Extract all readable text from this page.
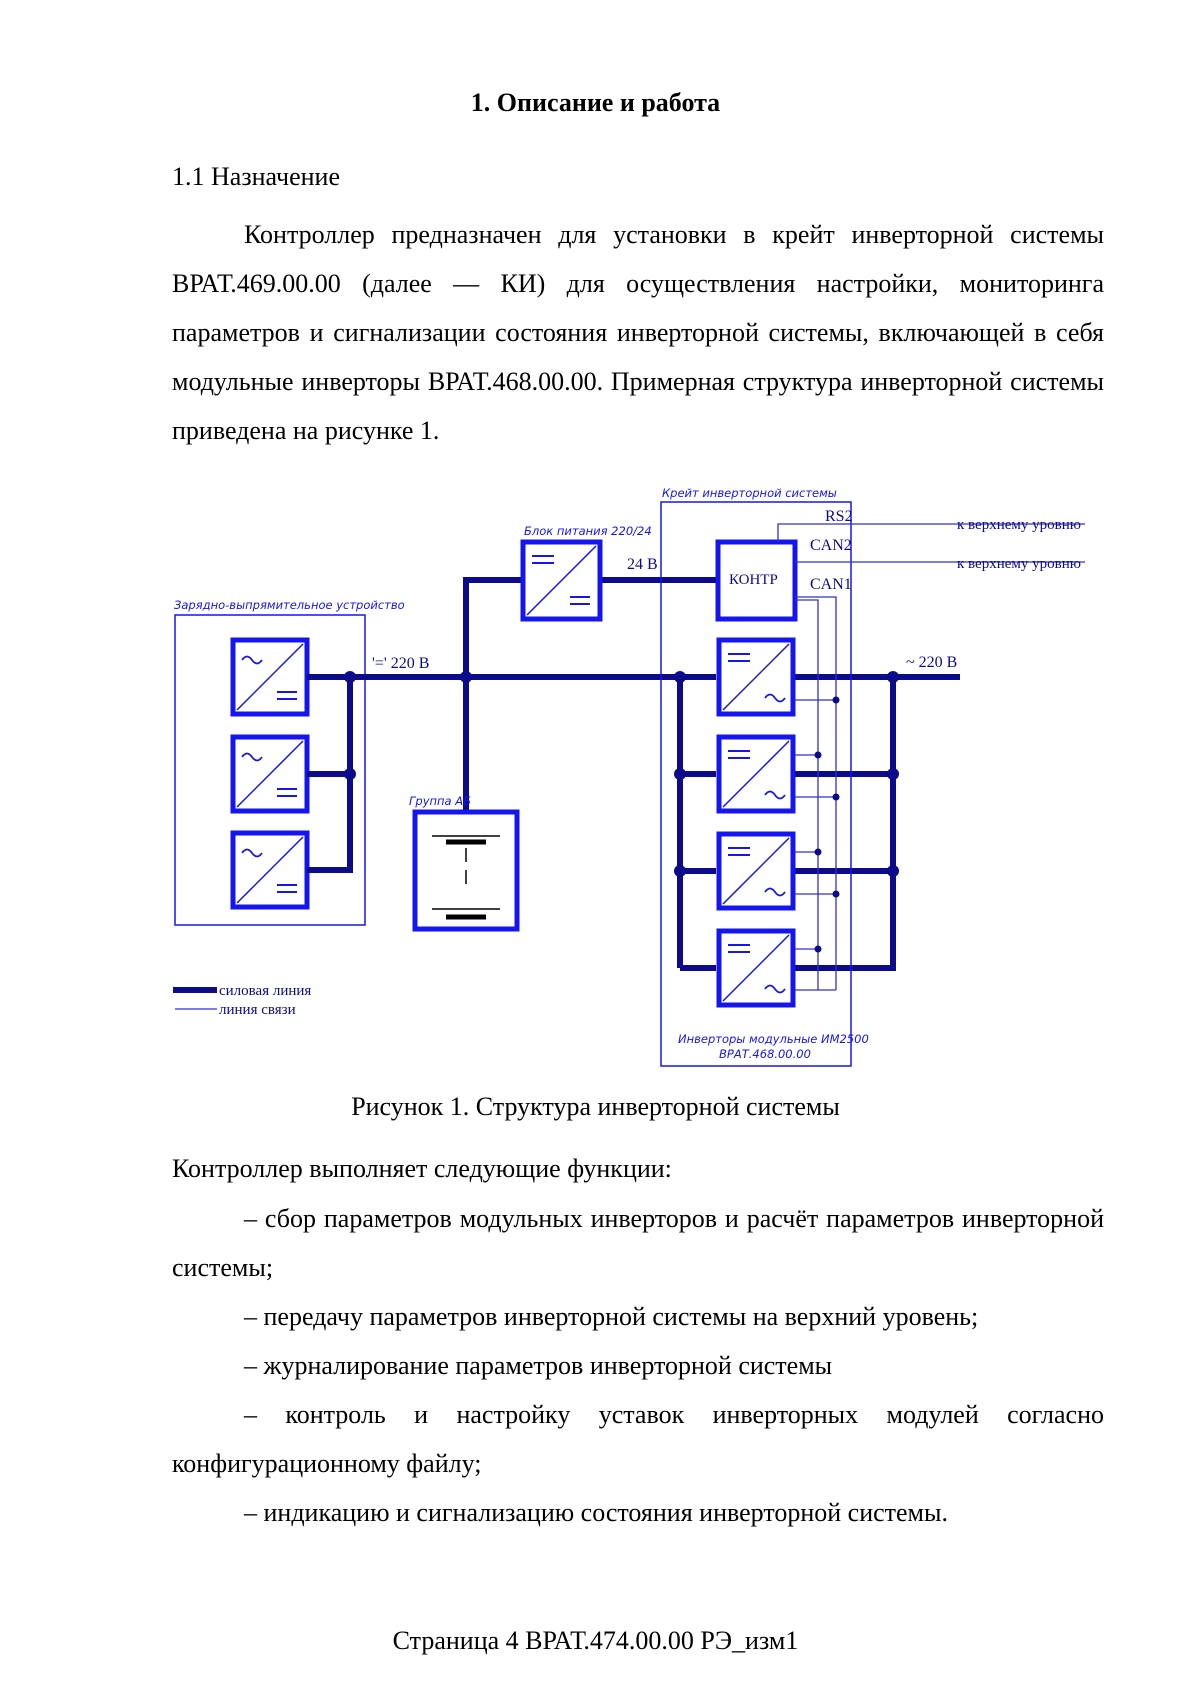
1. Описание и работа
1.1 Назначение

Контроллер предназначен для установки в крейт инверторной системы ВРАТ.469.00.00 (далее — КИ) для осуществления настройки, мониторинга параметров и сигнализации состояния инверторной системы, включающей в себя модульные инверторы ВРАТ.468.00.00. Примерная структура инверторной системы приведена на рисунке 1.

Зарядно-выпрямительное устройство
Блок питания 220/24
24 В
'=' 220 В
Группа АБ
Крейт инверторной системы
КОНТР
RS2
CAN2
CAN1
к верхнему уровню
к верхнему уровню
~ 220 В
Инверторы модульные ИМ2500
ВРАТ.468.00.00
силовая линия
линия связи
Рисунок 1. Структура инверторной системы
Контроллер выполняет следующие функции:
– сбор параметров модульных инверторов и расчёт параметров инверторной системы;
– передачу параметров инверторной системы на верхний уровень;
– журналирование параметров инверторной системы
– контроль и настройку уставок инверторных модулей согласно конфигурационному файлу;
– индикацию и сигнализацию состояния инверторной системы.
Страница 4 ВРАТ.474.00.00 РЭ_изм1
